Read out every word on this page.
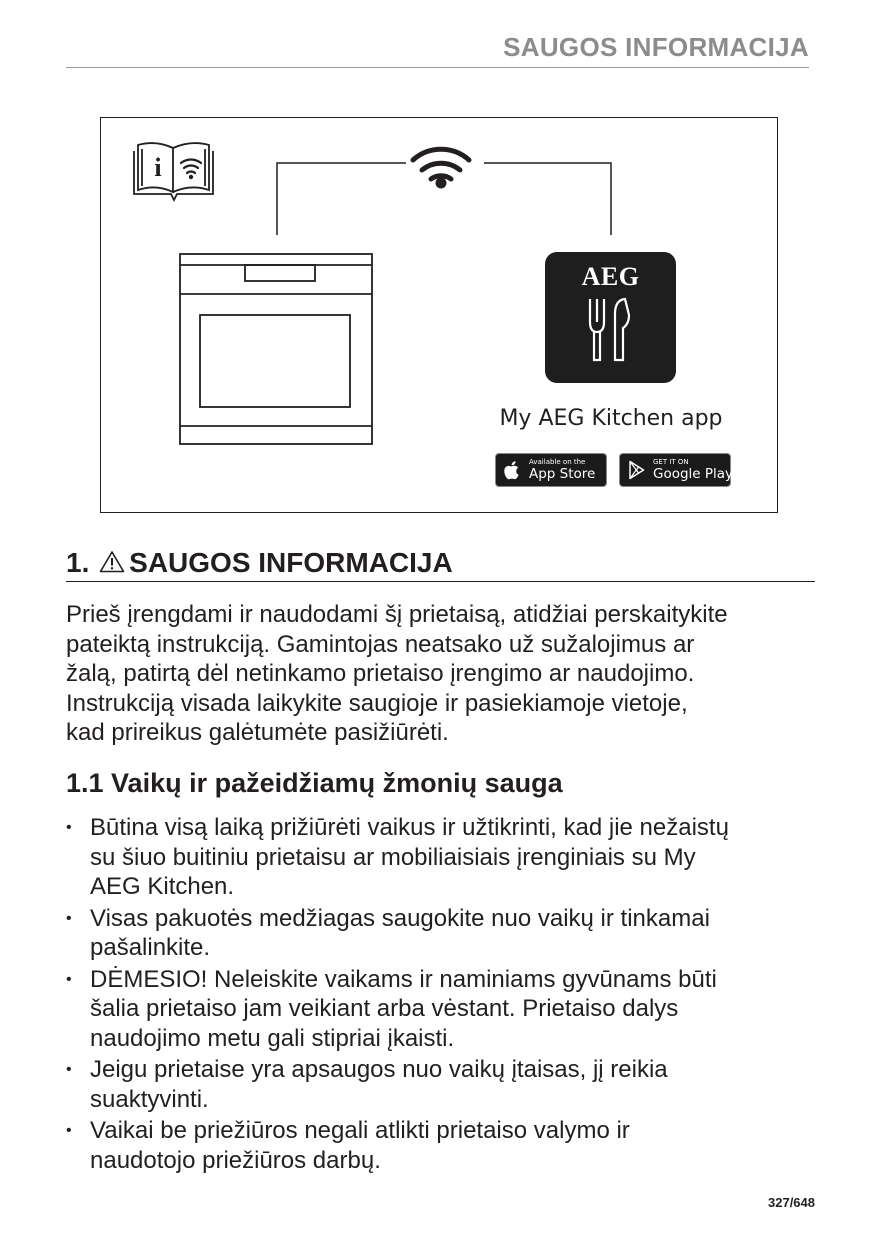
SAUGOS INFORMACIJA
i
AEG
My AEG Kitchen app
Available on the
App Store
GET IT ON
Google Play
1. SAUGOS INFORMACIJA
Prieš įrengdami ir naudodami šį prietaisą, atidžiai perskaitykite
pateiktą instrukciją. Gamintojas neatsako už sužalojimus ar
žalą, patirtą dėl netinkamo prietaiso įrengimo ar naudojimo.
Instrukciją visada laikykite saugioje ir pasiekiamoje vietoje,
kad prireikus galėtumėte pasižiūrėti.
1.1 Vaikų ir pažeidžiamų žmonių sauga
• Būtina visą laiką prižiūrėti vaikus ir užtikrinti, kad jie nežaistų
su šiuo buitiniu prietaisu ar mobiliaisiais įrenginiais su My
AEG Kitchen.
• Visas pakuotės medžiagas saugokite nuo vaikų ir tinkamai
pašalinkite.
• DĖMESIO! Neleiskite vaikams ir naminiams gyvūnams būti
šalia prietaiso jam veikiant arba vėstant. Prietaiso dalys
naudojimo metu gali stipriai įkaisti.
• Jeigu prietaise yra apsaugos nuo vaikų įtaisas, jį reikia
suaktyvinti.
• Vaikai be priežiūros negali atlikti prietaiso valymo ir
naudotojo priežiūros darbų.
327/648
